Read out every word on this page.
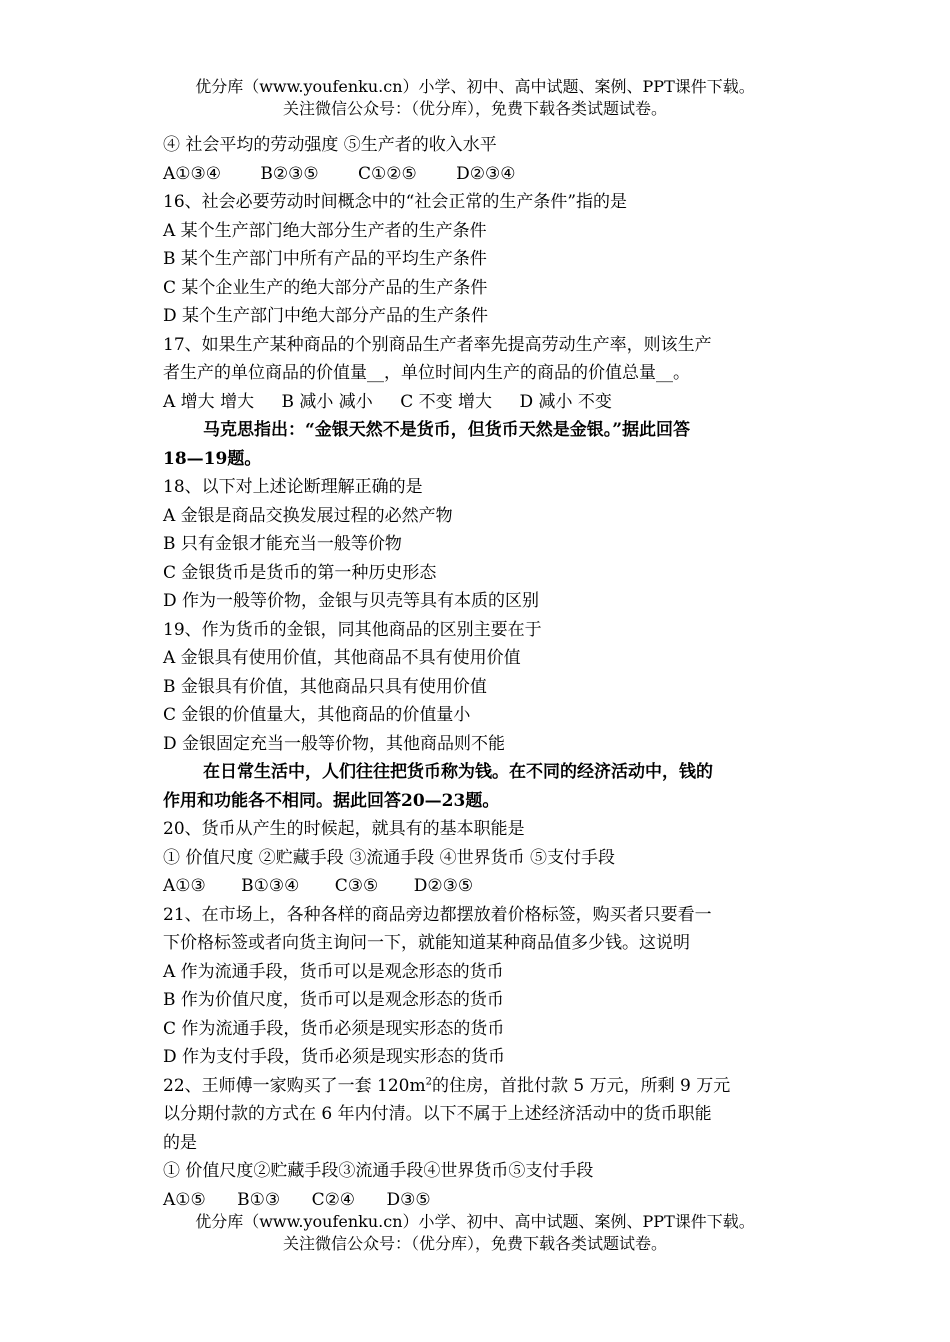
优分库（www.youfenku.cn）小学、初中、高中试题、案例、PPT课件下载。
关注微信公众号：（优分库），免费下载各类试题试卷。
④ 社会平均的劳动强度 ⑤生产者的收入水平
A①③④ B②③⑤ C①②⑤ D②③④
16、社会必要劳动时间概念中的“社会正常的生产条件”指的是
A 某个生产部门绝大部分生产者的生产条件
B 某个生产部门中所有产品的平均生产条件
C 某个企业生产的绝大部分产品的生产条件
D 某个生产部门中绝大部分产品的生产条件
17、如果生产某种商品的个别商品生产者率先提高劳动生产率，则该生产
者生产的单位商品的价值量__，单位时间内生产的商品的价值总量__。
A 增大 增大 B 减小 减小 C 不变 增大 D 减小 不变
马克思指出：“金银天然不是货币，但货币天然是金银。”据此回答
18—19题。
18、以下对上述论断理解正确的是
A 金银是商品交换发展过程的必然产物
B 只有金银才能充当一般等价物
C 金银货币是货币的第一种历史形态
D 作为一般等价物，金银与贝壳等具有本质的区别
19、作为货币的金银，同其他商品的区别主要在于
A 金银具有使用价值，其他商品不具有使用价值
B 金银具有价值，其他商品只具有使用价值
C 金银的价值量大，其他商品的价值量小
D 金银固定充当一般等价物，其他商品则不能
在日常生活中，人们往往把货币称为钱。在不同的经济活动中，钱的
作用和功能各不相同。据此回答20—23题。
20、货币从产生的时候起，就具有的基本职能是
① 价值尺度 ②贮藏手段 ③流通手段 ④世界货币 ⑤支付手段
A①③ B①③④ C③⑤ D②③⑤
21、在市场上，各种各样的商品旁边都摆放着价格标签，购买者只要看一
下价格标签或者向货主询问一下，就能知道某种商品值多少钱。这说明
A 作为流通手段，货币可以是观念形态的货币
B 作为价值尺度，货币可以是观念形态的货币
C 作为流通手段，货币必须是现实形态的货币
D 作为支付手段，货币必须是现实形态的货币
22、王师傅一家购买了一套 $120m^2$的住房，首批付款 5 万元，所剩 9 万元
以分期付款的方式在 6 年内付清。以下不属于上述经济活动中的货币职能
的是
① 价值尺度②贮藏手段③流通手段④世界货币⑤支付手段
A①⑤ B①③ C②④ D③⑤
优分库（www.youfenku.cn）小学、初中、高中试题、案例、PPT课件下载。
关注微信公众号：（优分库），免费下载各类试题试卷。
